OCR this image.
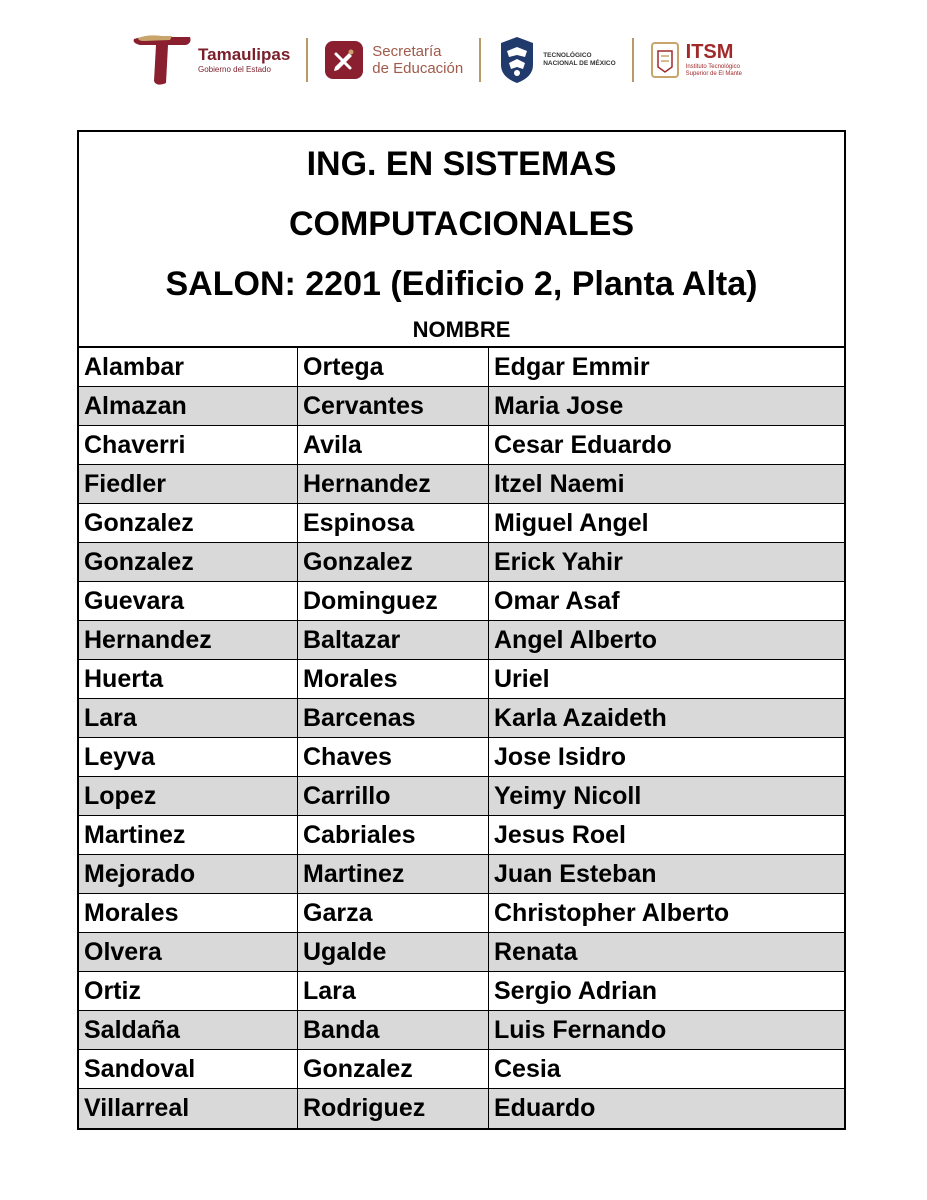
Tamaulipas
Gobierno del Estado
Secretaría
de Educación
TECNOLÓGICO
NACIONAL DE MÉXICO
ITSM
Instituto Tecnológico
Superior de El Mante
ING. EN SISTEMAS
COMPUTACIONALES
SALON: 2201 (Edificio 2, Planta Alta)
NOMBRE
Alambar	Ortega	Edgar Emmir
Almazan	Cervantes	Maria Jose
Chaverri	Avila	Cesar Eduardo
Fiedler	Hernandez	Itzel Naemi
Gonzalez	Espinosa	Miguel Angel
Gonzalez	Gonzalez	Erick Yahir
Guevara	Dominguez	Omar Asaf
Hernandez	Baltazar	Angel Alberto
Huerta	Morales	Uriel
Lara	Barcenas	Karla Azaideth
Leyva	Chaves	Jose Isidro
Lopez	Carrillo	Yeimy Nicoll
Martinez	Cabriales	Jesus Roel
Mejorado	Martinez	Juan Esteban
Morales	Garza	Christopher Alberto
Olvera	Ugalde	Renata
Ortiz	Lara	Sergio Adrian
Saldaña	Banda	Luis Fernando
Sandoval	Gonzalez	Cesia
Villarreal	Rodriguez	Eduardo
